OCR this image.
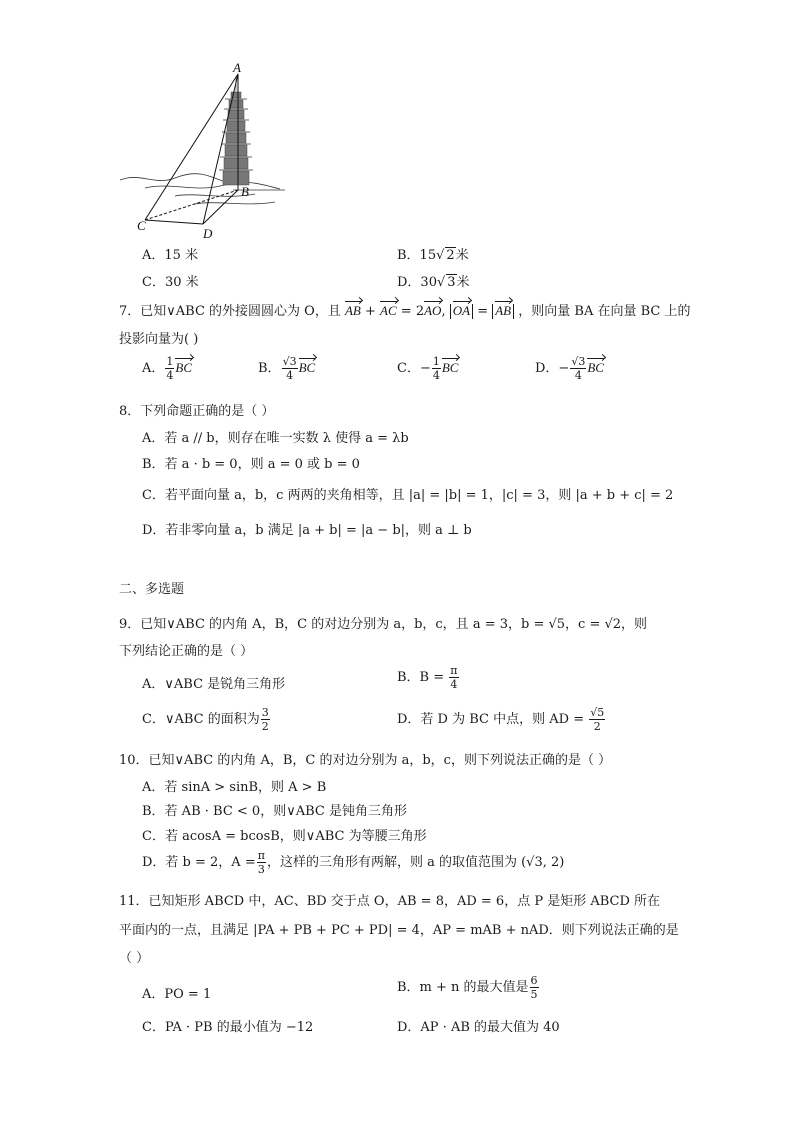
A
B
C
D
A．15 米	B．15√ 2米
C．30 米	D．30√ 3米
7．已知∨ABC 的外接圆圆心为 O，且 AB + AC = 2AO, OA = AB ，则向量 BA 在向量 BC 上的
投影向量为( )
A． $\frac{1}{4}$ BC	B． $\frac{√3}{4}$ BC	C．− $\frac{1}{4}$ BC	D．− $\frac{√3}{4}$ BC
8．下列命题正确的是（ ）
A．若 a // b，则存在唯一实数 λ 使得 a = λb
B．若 a · b = 0，则 a = 0 或 b = 0
C．若平面向量 a，b，c 两两的夹角相等，且 |a| = |b| = 1，|c| = 3，则 |a + b + c| = 2
D．若非零向量 a，b 满足 |a + b| = |a − b|，则 a ⊥ b
二、多选题
9．已知∨ABC 的内角 A，B，C 的对边分别为 a，b，c，且 a = 3，b = √5，c = √2，则
下列结论正确的是（ ）
A．∨ABC 是锐角三角形	B．$B = \frac{\pi}{4}$
C．∨ABC 的面积为 $\frac{3}{2}$	D．若 D 为 BC 中点，则 AD = $\frac{√5}{2}$
10．已知∨ABC 的内角 A，B，C 的对边分别为 a，b，c，则下列说法正确的是（ ）
A．若 sinA > sinB，则 A > B
B．若 AB · BC < 0，则∨ABC 是钝角三角形
C．若 acosA = bcosB，则∨ABC 为等腰三角形
D．若 b = 2，$A = \frac{\pi}{3}$ ，这样的三角形有两解，则 a 的取值范围为 (√3, 2)
11．已知矩形 ABCD 中，AC、BD 交于点 O，AB = 8，AD = 6，点 P 是矩形 ABCD 所在
平面内的一点，且满足 |PA + PB + PC + PD| = 4，AP = mAB + nAD．则下列说法正确的是
（ ）
A．PO = 1	B．m + n 的最大值是 $\frac{6}{5}$
C．PA · PB 的最小值为 −12	D．AP · AB 的最大值为 40
